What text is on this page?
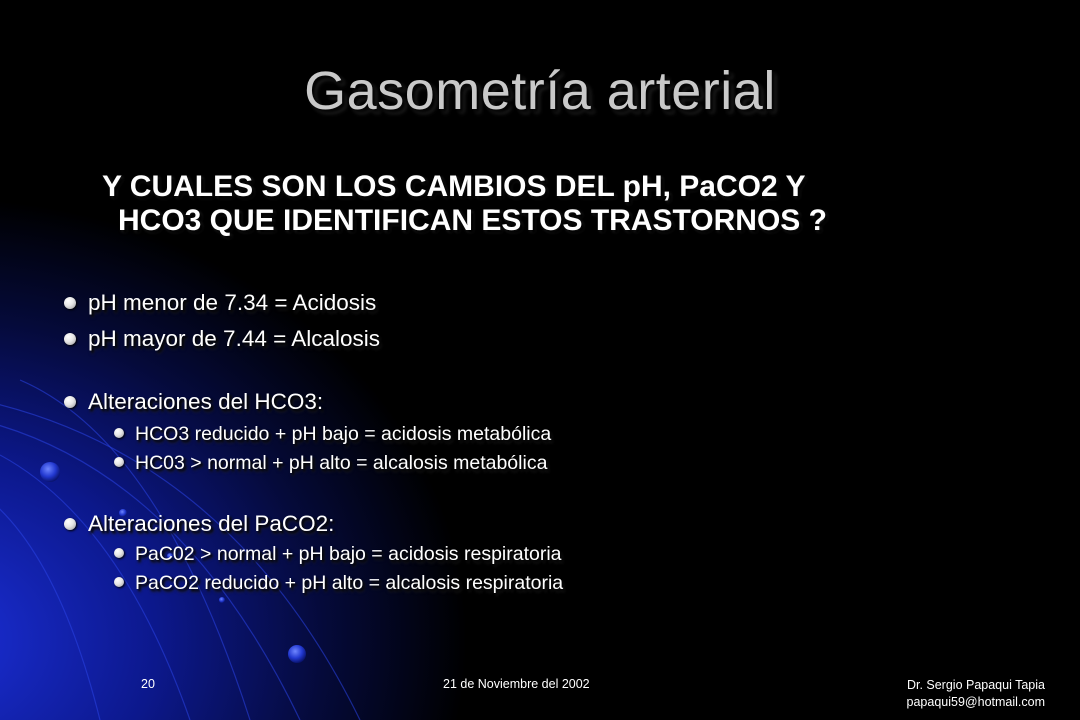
Gasometría arterial
Y CUALES SON LOS CAMBIOS DEL pH, PaCO2 Y
HCO3 QUE IDENTIFICAN ESTOS TRASTORNOS ?
pH menor de 7.34 = Acidosis
pH mayor de 7.44 = Alcalosis
Alteraciones del HCO3:
HCO3 reducido + pH bajo = acidosis metabólica
HC03 > normal + pH alto = alcalosis metabólica
Alteraciones del PaCO2:
PaC02 > normal + pH bajo = acidosis respiratoria
PaCO2 reducido + pH alto = alcalosis respiratoria
20	21 de Noviembre del 2002	Dr. Sergio Papaqui Tapia
papaqui59@hotmail.com
